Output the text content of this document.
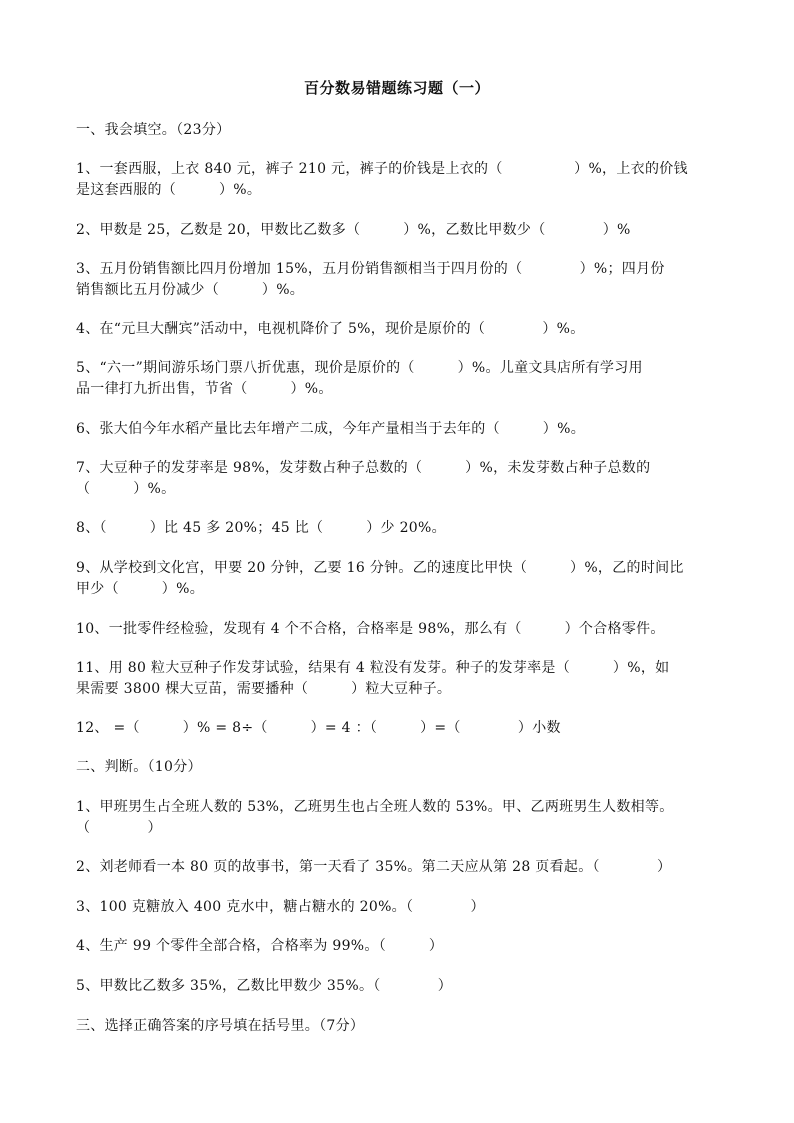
百分数易错题练习题（一）
一、我会填空。（23分）
1、一套西服，上衣 840 元，裤子 210 元，裤子的价钱是上衣的（　　　　　）%，上衣的价钱
是这套西服的（　　　）%。
2、甲数是 25，乙数是 20，甲数比乙数多（　　　）%，乙数比甲数少（　　　　）%
3、五月份销售额比四月份增加 15%，五月份销售额相当于四月份的（　　　　）%；四月份
销售额比五月份减少（　　　）%。
4、在“元旦大酬宾”活动中，电视机降价了 5%，现价是原价的（　　　　）%。
5、“六一”期间游乐场门票八折优惠，现价是原价的（　　　）%。儿童文具店所有学习用
品一律打九折出售，节省（　　　）%。
6、张大伯今年水稻产量比去年增产二成，今年产量相当于去年的（　　　）%。
7、大豆种子的发芽率是 98%，发芽数占种子总数的（　　　）%，未发芽数占种子总数的
（　　　）%。
8、（　　　）比 45 多 20%；45 比（　　　）少 20%。
9、从学校到文化宫，甲要 20 分钟，乙要 16 分钟。乙的速度比甲快（　　　）%，乙的时间比
甲少（　　　）%。
10、一批零件经检验，发现有 4 个不合格，合格率是 98%，那么有（　　　）个合格零件。
11、用 80 粒大豆种子作发芽试验，结果有 4 粒没有发芽。种子的发芽率是（　　　）%，如
果需要 3800 棵大豆苗，需要播种（　　　）粒大豆种子。
12、 =（　　　）% = 8÷（　　　）= 4 ：（　　　）=（　　　　）小数
二、判断。（10分）
1、甲班男生占全班人数的 53%，乙班男生也占全班人数的 53%。甲、乙两班男生人数相等。
（　　　　）
2、刘老师看一本 80 页的故事书，第一天看了 35%。第二天应从第 28 页看起。（　　　　）
3、100 克糖放入 400 克水中，糖占糖水的 20%。（　　　　）
4、生产 99 个零件全部合格，合格率为 99%。（　　　）
5、甲数比乙数多 35%，乙数比甲数少 35%。（　　　　）
三、选择正确答案的序号填在括号里。（7分）
